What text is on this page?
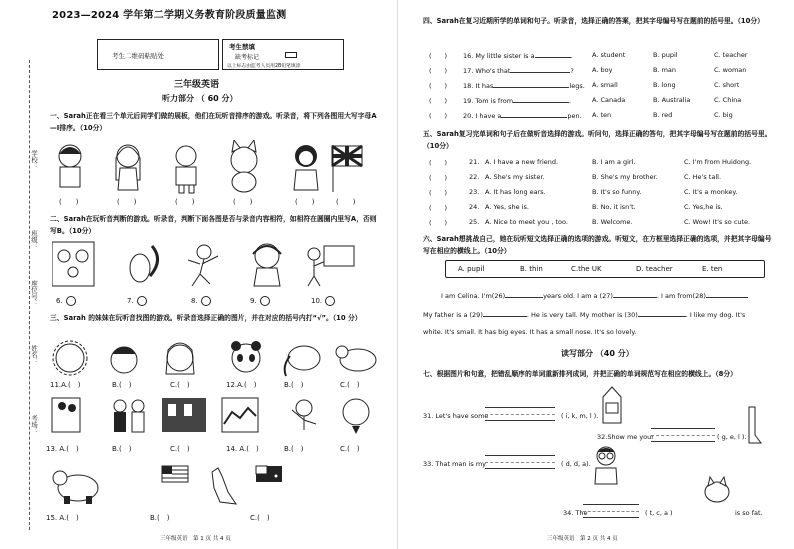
2023—2024 学年第二学期义务教育阶段质量监测
考生二维码粘贴处
考生禁填
缺考标记
以上标志由监考人员用2B铅笔填涂
学校：
班级：
姓名：
考场：
座位号：
三年级英语
听力部分 （ 60 分）
一、Sarah正在看三个单元后同学们做的展板，他们在玩听音排序的游戏。听录音，将下列各图用大写字母A—I排序。（10分）
(　　)	(　　)	(　　)	(　　)	(　　)	(　　)
二、Sarah在玩听音判断的游戏。听录音，判断下面各图是否与录音内容相符，如相符在圆圈内里写A，否则写B。（10分）
6.	7.	8.	9.	10.
三、Sarah 的妹妹在玩听音找图的游戏。听录音选择正确的图片，并在对应的括号内打“√”。（10 分）
11.A.(　)	B.(　)	C.(　)	12.A.(　)	B.(　)	C.(　)
13. A.(　)	B.(　)	C.(　)	14. A.(　)	B.(　)	C.(　)
15. A.(　)	B.(　)	C.(　)
三年级英语　第 1 页 共 4 页
四、Sarah在复习近期所学的单词和句子。听录音，选择正确的答案，把其字母编号写在题前的括号里。（10分）
(　　) 16. My little sister is a	.	A. student	B. pupil	C. teacher
(　　) 17. Who's that	?	A. boy	B. man	C. woman
(　　) 18. It has	legs. A. small	B. long	C. short
(　　) 19. Tom is from	.	A. Canada	B. Australia	C. China
(　　) 20. I have a	pen. A. ten	B. red	C. big
五、Sarah复习完单词和句子后在做听音选择的游戏。听问句，选择正确的答句，把其字母编号写在题前的括号里。（10分）
(　　)	21. A. I have a new friend.	B. I am a girl.	C. I'm from Huidong.
(　　)	22. A. She's my sister.	B. She's my brother.	C. He's tall.
(　　)	23. A. It has long ears.	B. It's so funny.	C. It's a monkey.
(　　)	24. A. Yes, she is.	B. No, it isn't.	C. Yes,he is.
(　　)	25. A. Nice to meet you , too.	B. Welcome.	C. Wow! It's so cute.
六、Sarah想挑战自己，她在玩听短文选择正确的选项的游戏。听短文，在方框里选择正确的选项，并把其字母编号写在相应的横线上。（10分）
A. pupil	B. thin	C.the UK	D. teacher	E. ten
I am Celina. I'm(26)	years old. I am a (27)	. I am from(28)
My father is a (29)	. He is very tall. My mother is (30)	. I like my dog. It's
white. It's small. It has big eyes. It has a small nose. It's so lovely.
读写部分 （40 分）
七、根据图片和句意，把错乱顺序的单词重新排列成词，并把正确的单词规范写在相应的横线上。（8分）
31. Let's have some	( i, k, m, l ).
32.Show me your	( g, e, l ).
33. That man is my	( d, d, a).
34. The	( t, c, a )	is so fat.
三年级英语　第 2 页 共 4 页
